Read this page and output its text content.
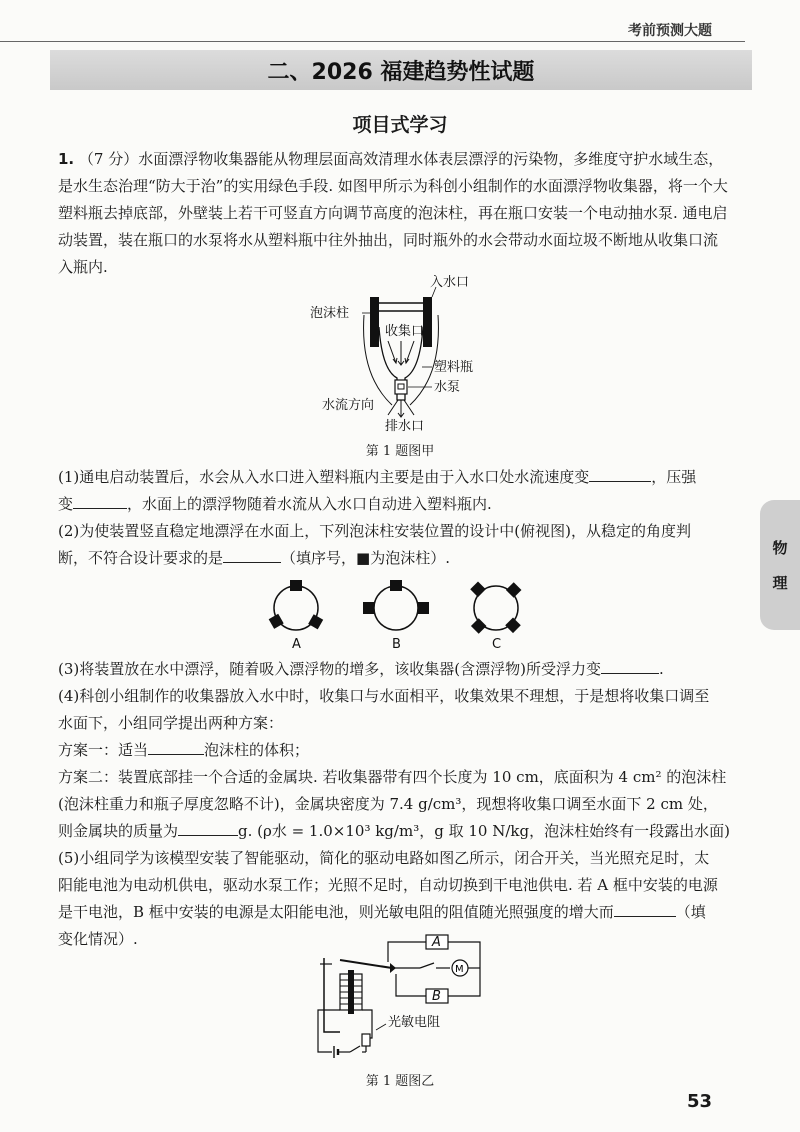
考前预测大题
二、2026 福建趋势性试题
项目式学习
1. （7 分）水面漂浮物收集器能从物理层面高效清理水体表层漂浮的污染物，多维度守护水域生态，是水生态治理“防大于治”的实用绿色手段. 如图甲所示为科创小组制作的水面漂浮物收集器，将一个大塑料瓶去掉底部，外壁装上若干可竖直方向调节高度的泡沫柱，再在瓶口安装一个电动抽水泵. 通电启动装置，装在瓶口的水泵将水从塑料瓶中往外抽出，同时瓶外的水会带动水面垃圾不断地从收集口流入瓶内.
入水口
泡沫柱
收集口
塑料瓶
水泵
水流方向
排水口
第 1 题图甲
(1)通电启动装置后，水会从入水口进入塑料瓶内主要是由于入水口处水流速度变	，压强
变	，水面上的漂浮物随着水流从入水口自动进入塑料瓶内.
(2)为使装置竖直稳定地漂浮在水面上，下列泡沫柱安装位置的设计中(俯视图)，从稳定的角度判
断，不符合设计要求的是	（填序号，■为泡沫柱）.
A	B	C
(3)将装置放在水中漂浮，随着吸入漂浮物的增多，该收集器(含漂浮物)所受浮力变	.
(4)科创小组制作的收集器放入水中时，收集口与水面相平，收集效果不理想，于是想将收集口调至
水面下，小组同学提出两种方案：
方案一：适当	泡沫柱的体积；
方案二：装置底部挂一个合适的金属块. 若收集器带有四个长度为 10 cm，底面积为 4 cm² 的泡沫柱
(泡沫柱重力和瓶子厚度忽略不计)，金属块密度为 7.4 g/cm³，现想将收集口调至水面下 2 cm 处，
则金属块的质量为	g. (ρ水 = 1.0×10³ kg/m³，g 取 10 N/kg，泡沫柱始终有一段露出水面)
(5)小组同学为该模型安装了智能驱动，简化的驱动电路如图乙所示，闭合开关，当光照充足时，太
阳能电池为电动机供电，驱动水泵工作；光照不足时，自动切换到干电池供电. 若 A 框中安装的电源
是干电池，B 框中安装的电源是太阳能电池，则光敏电阻的阻值随光照强度的增大而	（填
变化情况）.	A
B
M
光敏电阻
第 1 题图乙
物
理
53
